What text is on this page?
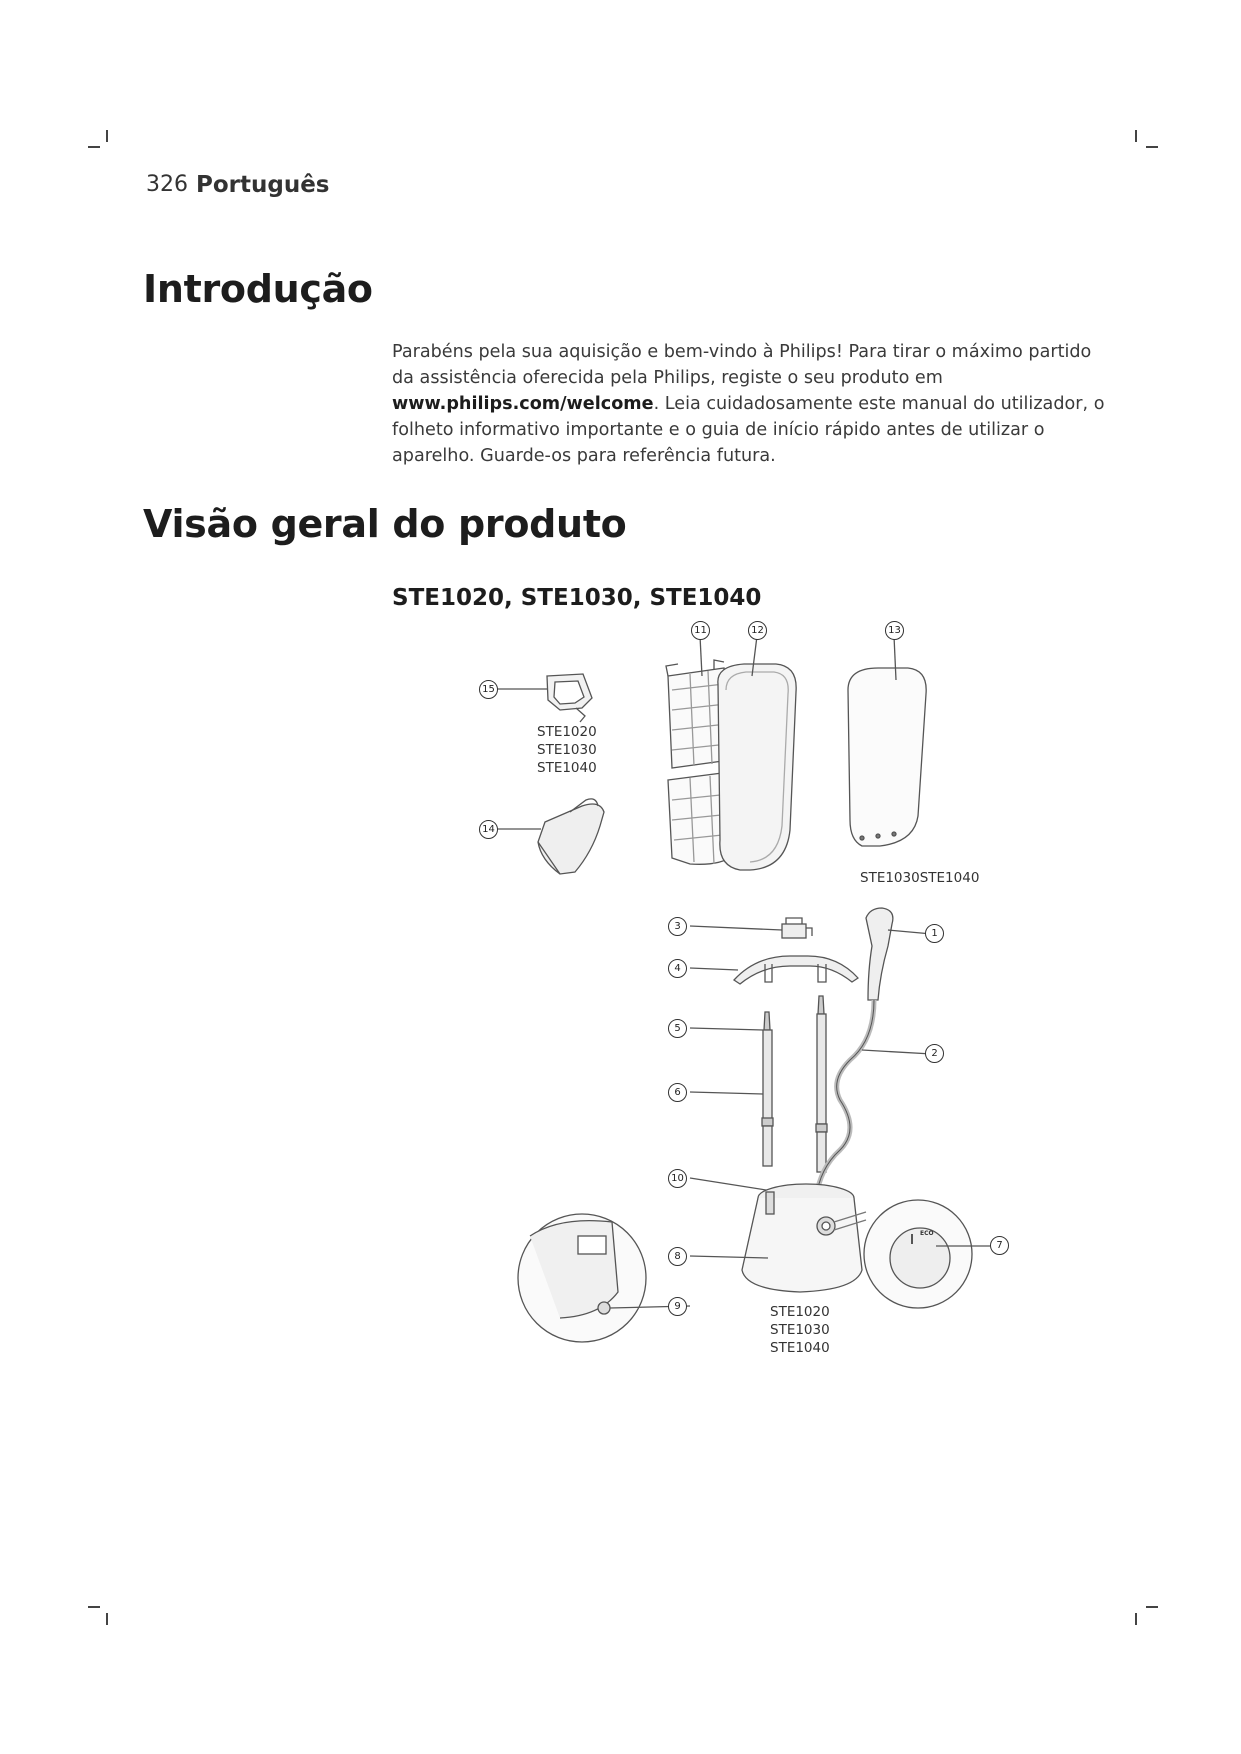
326 Português
Introdução
Parabéns pela sua aquisição e bem-vindo à Philips! Para tirar o máximo partido da assistência oferecida pela Philips, registe o seu produto em www.philips.com/welcome. Leia cuidadosamente este manual do utilizador, o folheto informativo importante e o guia de início rápido antes de utilizar o aparelho. Guarde-os para referência futura.
Visão geral do produto
STE1020, STE1030, STE1040
15
14
11	12	13
3
4
5
6
10
8
9
1
2
7
STE1020
STE1030
STE1040
STE1030STE1040
STE1020
STE1030
STE1040
ECO
